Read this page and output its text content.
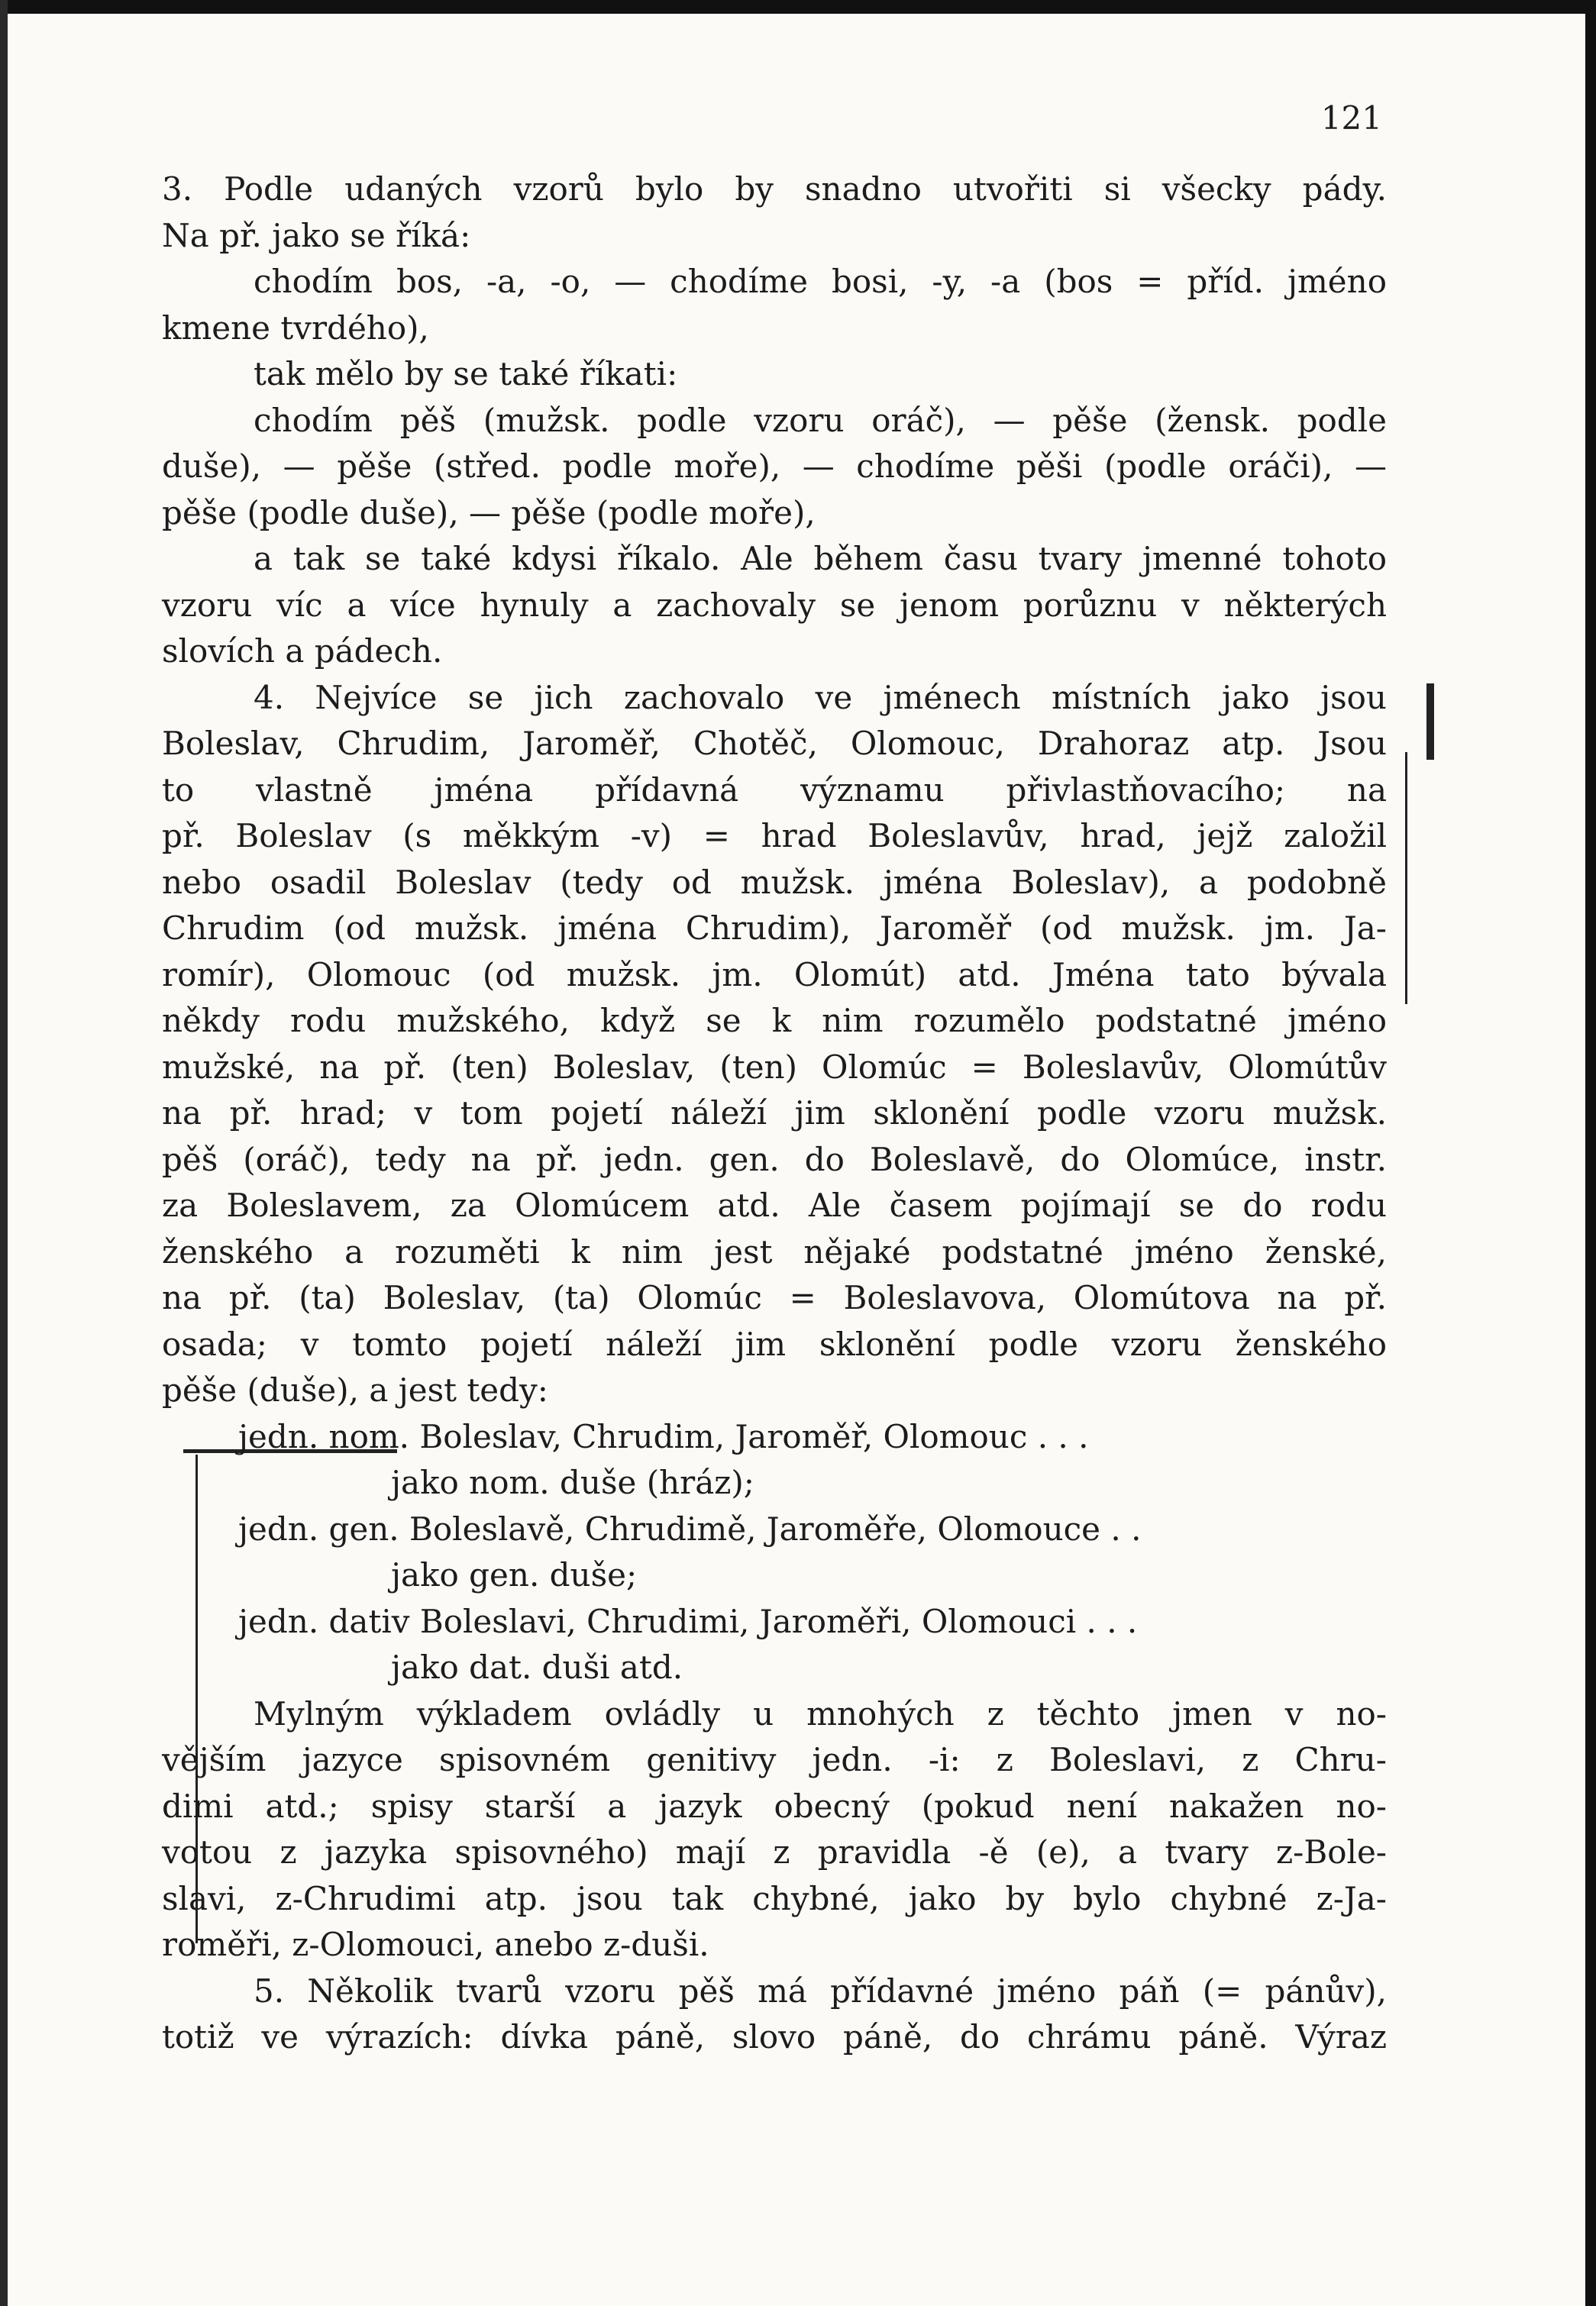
121
3. Podle udaných vzorů bylo by snadno utvořiti si všecky pády.
Na př. jako se říká:
chodím bos, -a, -o, — chodíme bosi, -y, -a (bos = příd. jméno
kmene tvrdého),
tak mělo by se také říkati:
chodím pěš (mužsk. podle vzoru oráč), — pěše (žensk. podle
duše), — pěše (střed. podle moře), — chodíme pěši (podle oráči), —
pěše (podle duše), — pěše (podle moře),
a tak se také kdysi říkalo. Ale během času tvary jmenné tohoto
vzoru víc a více hynuly a zachovaly se jenom porůznu v některých
slovích a pádech.
4. Nejvíce se jich zachovalo ve jménech místních jako jsou
Boleslav, Chrudim, Jaroměř, Chotěč, Olomouc, Drahoraz atp. Jsou
to vlastně jména přídavná významu přivlastňovacího; na
př. Boleslav (s měkkým -v) = hrad Boleslavův, hrad, jejž založil
nebo osadil Boleslav (tedy od mužsk. jména Boleslav), a podobně
Chrudim (od mužsk. jména Chrudim), Jaroměř (od mužsk. jm. Ja-
romír), Olomouc (od mužsk. jm. Olomút) atd. Jména tato bývala
někdy rodu mužského, když se k nim rozumělo podstatné jméno
mužské, na př. (ten) Boleslav, (ten) Olomúc = Boleslavův, Olomútův
na př. hrad; v tom pojetí náleží jim sklonění podle vzoru mužsk.
pěš (oráč), tedy na př. jedn. gen. do Boleslavě, do Olomúce, instr.
za Boleslavem, za Olomúcem atd. Ale časem pojímají se do rodu
ženského a rozuměti k nim jest nějaké podstatné jméno ženské,
na př. (ta) Boleslav, (ta) Olomúc = Boleslavova, Olomútova na př.
osada; v tomto pojetí náleží jim sklonění podle vzoru ženského
pěše (duše), a jest tedy:
jedn. nom. Boleslav, Chrudim, Jaroměř, Olomouc . . .
jako nom. duše (hráz);
jedn. gen. Boleslavě, Chrudimě, Jaroměře, Olomouce . .
jako gen. duše;
jedn. dativ Boleslavi, Chrudimi, Jaroměři, Olomouci . . .
jako dat. duši atd.
Mylným výkladem ovládly u mnohých z těchto jmen v no-
vějším jazyce spisovném genitivy jedn. -i: z Boleslavi, z Chru-
dimi atd.; spisy starší a jazyk obecný (pokud není nakažen no-
votou z jazyka spisovného) mají z pravidla -ě (e), a tvary z-Bole-
slavi, z-Chrudimi atp. jsou tak chybné, jako by bylo chybné z-Ja-
roměři, z-Olomouci, anebo z-duši.
5. Několik tvarů vzoru pěš má přídavné jméno páň (= pánův),
totiž ve výrazích: dívka páně, slovo páně, do chrámu páně. Výraz
